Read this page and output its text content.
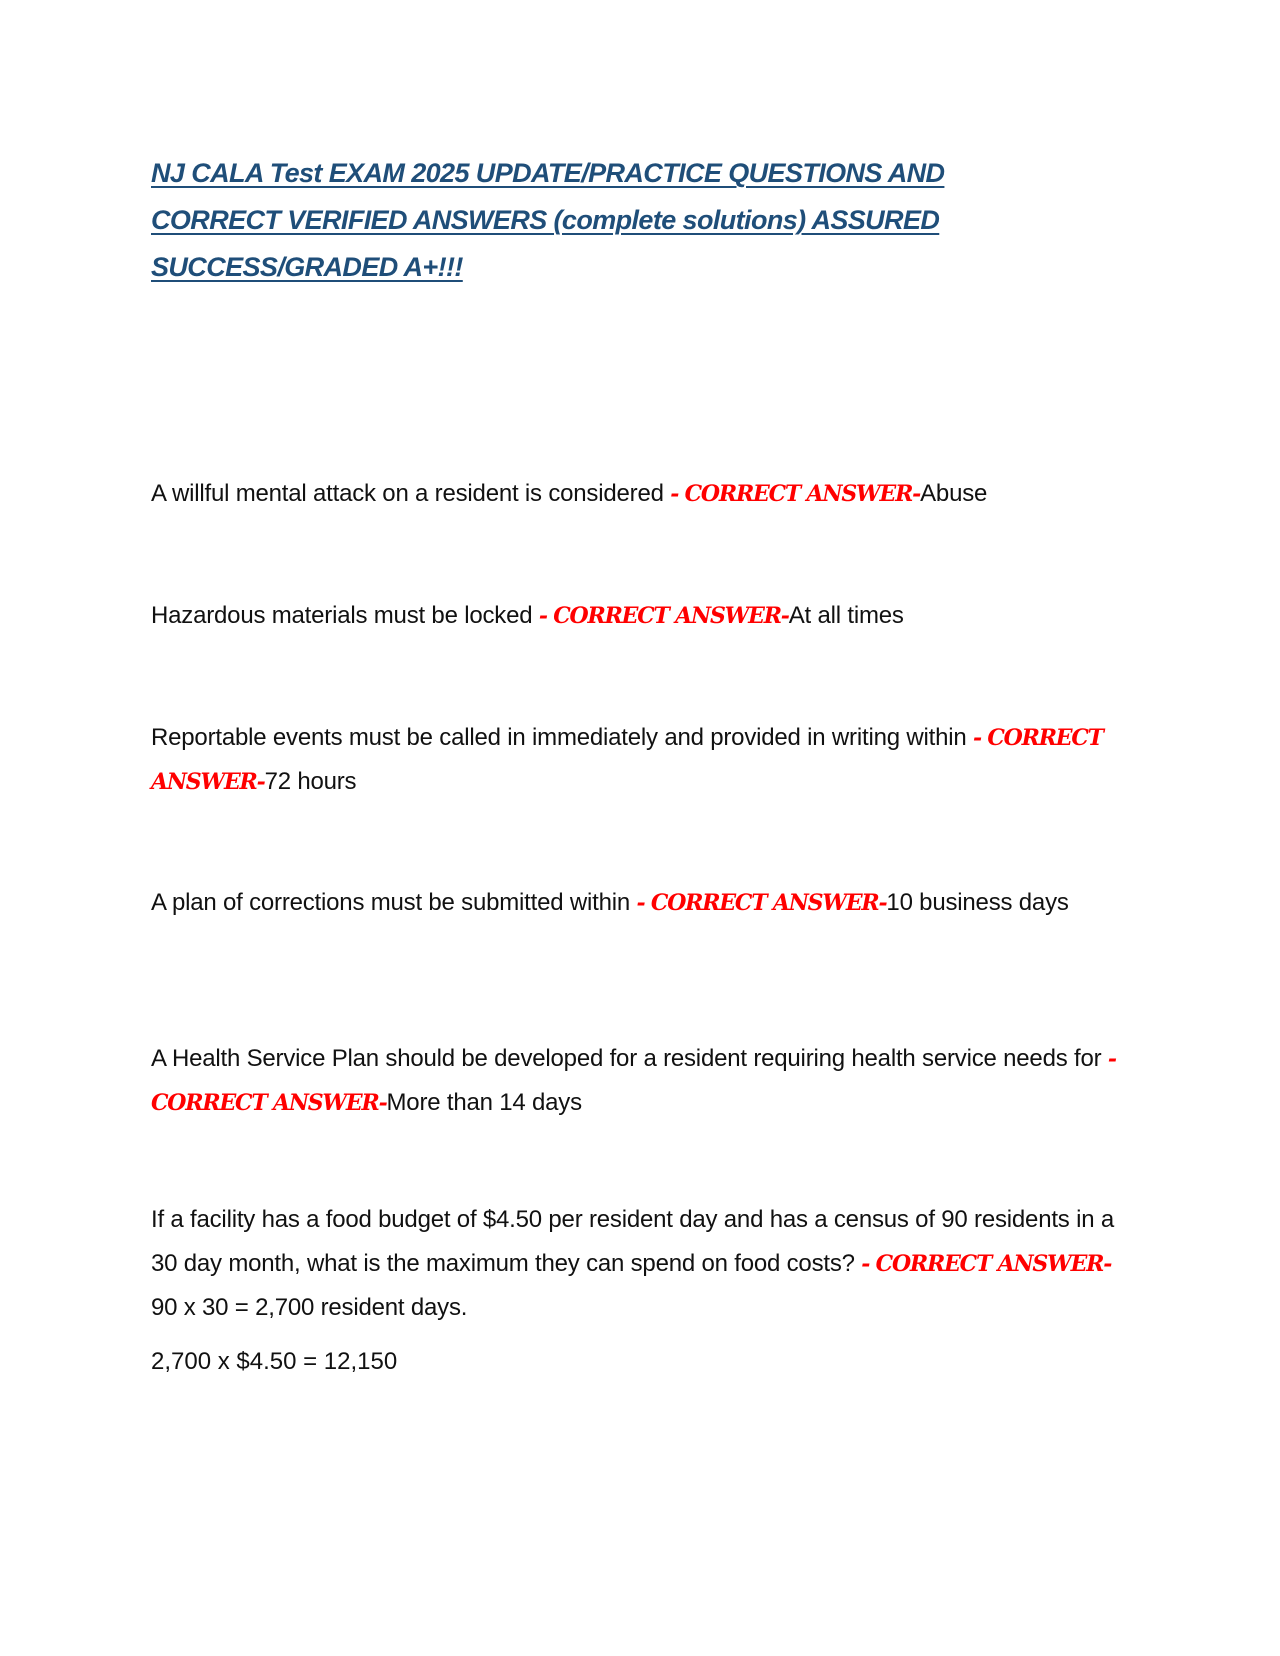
NJ CALA Test EXAM 2025 UPDATE/PRACTICE QUESTIONS AND
CORRECT VERIFIED ANSWERS (complete solutions) ASSURED
SUCCESS/GRADED A+!!!
A willful mental attack on a resident is considered - CORRECT ANSWER-Abuse
Hazardous materials must be locked - CORRECT ANSWER-At all times
Reportable events must be called in immediately and provided in writing within - CORRECT ANSWER-72 hours
A plan of corrections must be submitted within - CORRECT ANSWER-10 business days
A Health Service Plan should be developed for a resident requiring health service needs for - CORRECT ANSWER-More than 14 days
If a facility has a food budget of $4.50 per resident day and has a census of 90 residents in a 30 day month, what is the maximum they can spend on food costs? - CORRECT ANSWER-90 x 30 = 2,700 resident days.
2,700 x $4.50 = 12,150
